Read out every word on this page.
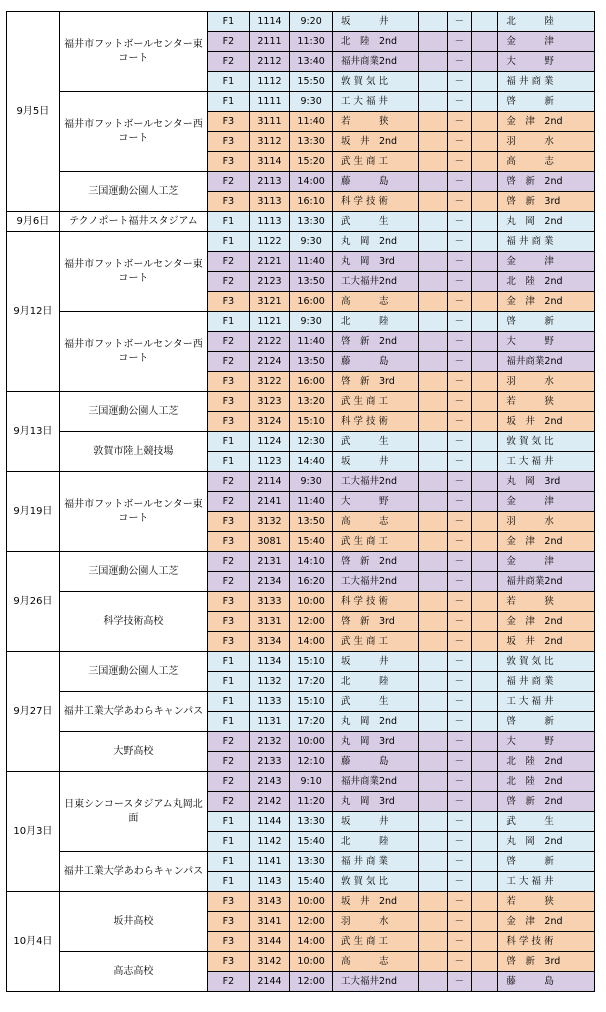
9月5日	福井市フットボールセンター東コート	F1	1114	9:20	坂　　　井		－		北　　　陸
		F2	2111	11:30	北　陸　2nd		－		金　　　津
		F2	2112	13:40	福井商業2nd		－		大　　　野
		F1	1112	15:50	敦 賀 気 比		－		福 井 商 業
	福井市フットボールセンター西コート	F1	1111	9:30	工 大 福 井		－		啓　　　新
		F3	3111	11:40	若　　　狭		－		金　津　2nd
		F3	3112	13:30	坂　井　2nd		－		羽　　　水
		F3	3114	15:20	武 生 商 工		－		高　　　志
	三国運動公園人工芝	F2	2113	14:00	藤　　　島		－		啓　新　2nd
		F3	3113	16:10	科 学 技 術		－		啓　新　3rd
9月6日	テクノポート福井スタジアム	F1	1113	13:30	武　　　生		－		丸　岡　2nd
9月12日	福井市フットボールセンター東コート	F1	1122	9:30	丸　岡　2nd		－		福 井 商 業
		F2	2121	11:40	丸　岡　3rd		－		金　　　津
		F2	2123	13:50	工大福井2nd		－		北　陸　2nd
		F3	3121	16:00	高　　　志		－		金　津　2nd
	福井市フットボールセンター西コート	F1	1121	9:30	北　　　陸		－		啓　　　新
		F2	2122	11:40	啓　新　2nd		－		大　　　野
		F2	2124	13:50	藤　　　島		－		福井商業2nd
		F3	3122	16:00	啓　新　3rd		－		羽　　　水
9月13日	三国運動公園人工芝	F3	3123	13:20	武 生 商 工		－		若　　　狭
		F3	3124	15:10	科 学 技 術		－		坂　井　2nd
	敦賀市陸上競技場	F1	1124	12:30	武　　　生		－		敦 賀 気 比
		F1	1123	14:40	坂　　　井		－		工 大 福 井
9月19日	福井市フットボールセンター東コート	F2	2114	9:30	工大福井2nd		－		丸　岡　3rd
		F2	2141	11:40	大　　　野		－		金　　　津
		F3	3132	13:50	高　　　志		－		羽　　　水
		F3	3081	15:40	武 生 商 工		－		金　津　2nd
9月26日	三国運動公園人工芝	F2	2131	14:10	啓　新　2nd		－		金　　　津
		F2	2134	16:20	工大福井2nd		－		福井商業2nd
	科学技術高校	F3	3133	10:00	科 学 技 術		－		若　　　狭
		F3	3131	12:00	啓　新　3rd		－		金　津　2nd
		F3	3134	14:00	武 生 商 工		－		坂　井　2nd
9月27日	三国運動公園人工芝	F1	1134	15:10	坂　　　井		－		敦 賀 気 比
		F1	1132	17:20	北　　　陸		－		福 井 商 業
	福井工業大学あわらキャンパス	F1	1133	15:10	武　　　生		－		工 大 福 井
		F1	1131	17:20	丸　岡　2nd		－		啓　　　新
	大野高校	F2	2132	10:00	丸　岡　3rd		－		大　　　野
		F2	2133	12:10	藤　　　島		－		北　陸　2nd
10月3日	日東シンコースタジアム丸岡北面	F2	2143	9:10	福井商業2nd		－		北　陸　2nd
		F2	2142	11:20	丸　岡　3rd		－		啓　新　2nd
		F1	1144	13:30	坂　　　井		－		武　　　生
		F1	1142	15:40	北　　　陸		－		丸　岡　2nd
	福井工業大学あわらキャンパス	F1	1141	13:30	福 井 商 業		－		啓　　　新
		F1	1143	15:40	敦 賀 気 比		－		工 大 福 井
10月4日	坂井高校	F3	3143	10:00	坂　井　2nd		－		若　　　狭
		F3	3141	12:00	羽　　　水		－		金　津　2nd
		F3	3144	14:00	武 生 商 工		－		科 学 技 術
	高志高校	F3	3142	10:00	高　　　志		－		啓　新　3rd
		F2	2144	12:00	工大福井2nd		－		藤　　　島
